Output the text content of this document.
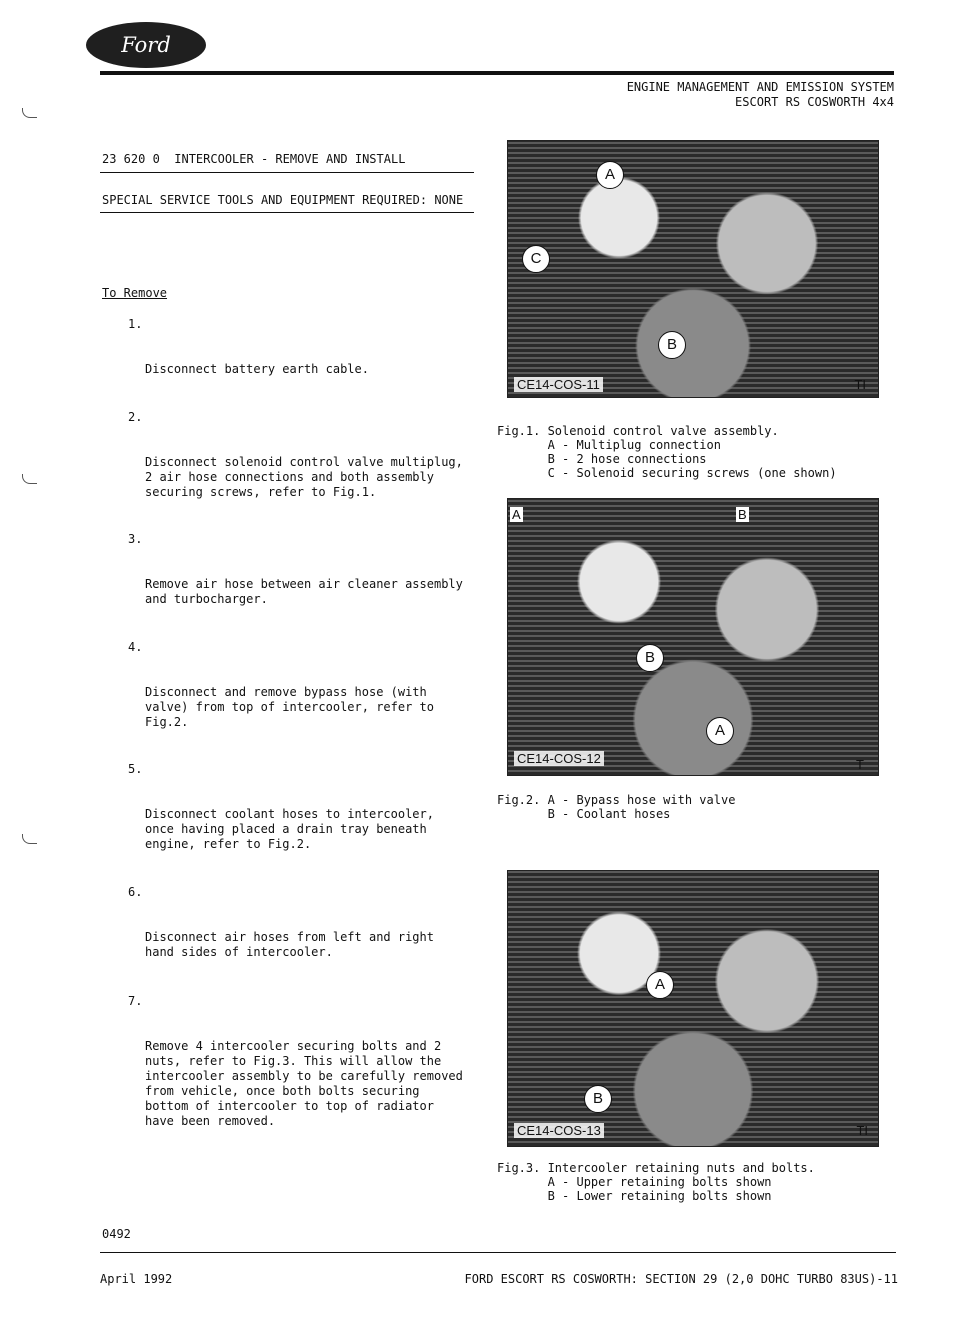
Ford
ENGINE MANAGEMENT AND EMISSION SYSTEM
ESCORT RS COSWORTH 4x4
23 620 0  INTERCOOLER - REMOVE AND INSTALL
SPECIAL SERVICE TOOLS AND EQUIPMENT REQUIRED: NONE
To Remove

1.

Disconnect battery earth cable.

2.

Disconnect solenoid control valve multiplug,
2 air hose connections and both assembly
securing screws, refer to Fig.1.

3.

Remove air hose between air cleaner assembly
and turbocharger.

4.

Disconnect and remove bypass hose (with
valve) from top of intercooler, refer to
Fig.2.

5.

Disconnect coolant hoses to intercooler,
once having placed a drain tray beneath
engine, refer to Fig.2.

6.

Disconnect air hoses from left and right
hand sides of intercooler.

7.

Remove 4 intercooler securing bolts and 2
nuts, refer to Fig.3. This will allow the
intercooler assembly to be carefully removed
from vehicle, once both bolts securing
bottom of intercooler to top of radiator
have been removed.

A
C
B
CE14-COS-11	TI
Fig.1. Solenoid control valve assembly.
A - Multiplug connection
B - 2 hose connections
C - Solenoid securing screws (one shown)
A	B
B
A
CE14-COS-12	T
Fig.2. A - Bypass hose with valve
B - Coolant hoses
A
B
CE14-COS-13	TI
Fig.3. Intercooler retaining nuts and bolts.
A - Upper retaining bolts shown
B - Lower retaining bolts shown
0492
April 1992	FORD ESCORT RS COSWORTH: SECTION 29 (2,0 DOHC TURBO 83US)-11
